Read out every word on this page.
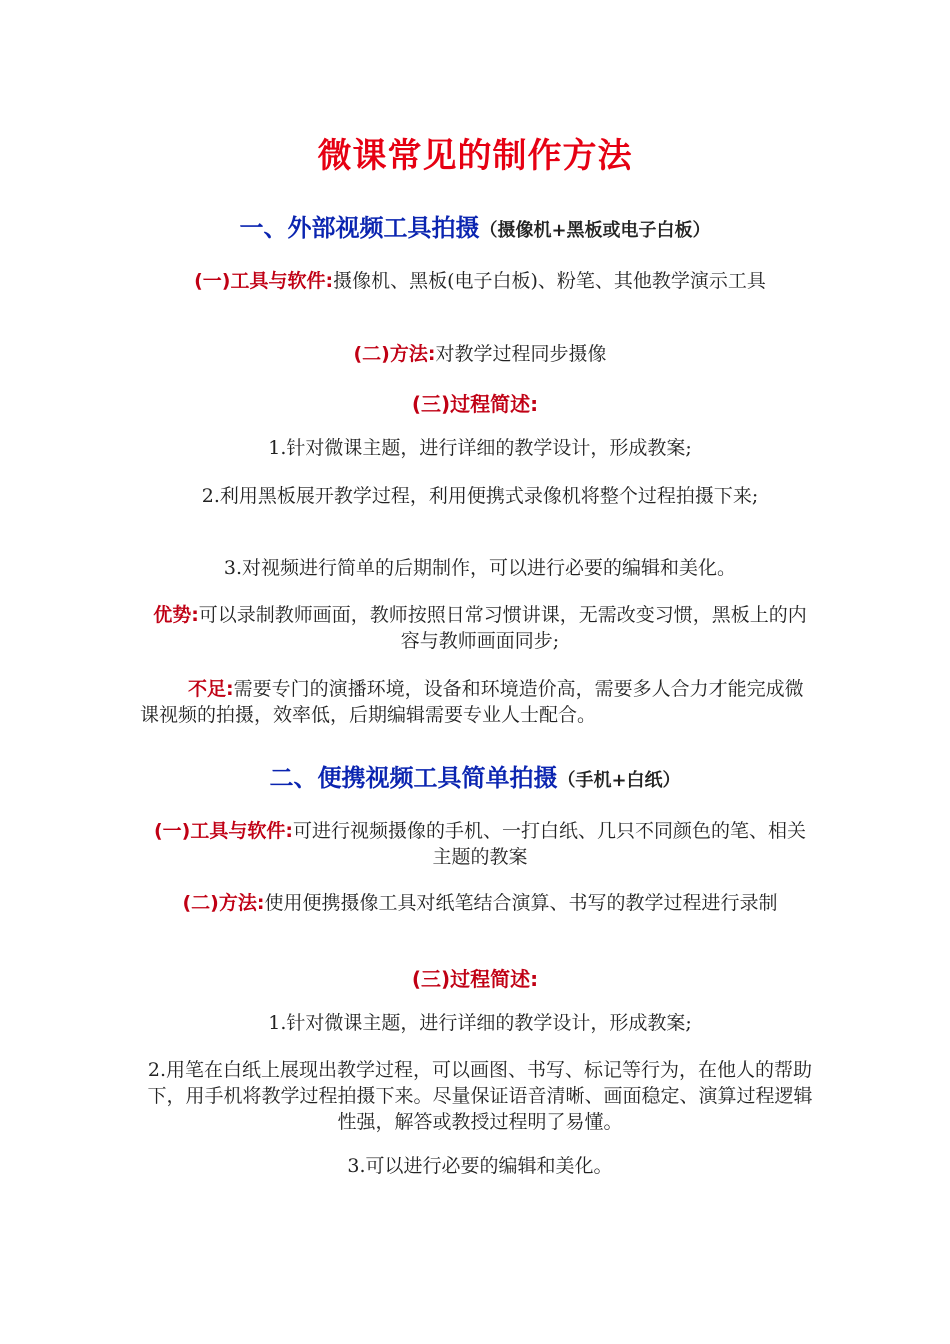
微课常见的制作方法
一、外部视频工具拍摄（摄像机+黑板或电子白板）
(一)工具与软件:摄像机、黑板(电子白板)、粉笔、其他教学演示工具
(二)方法:对教学过程同步摄像
(三)过程简述:
1.针对微课主题，进行详细的教学设计，形成教案;
2.利用黑板展开教学过程，利用便携式录像机将整个过程拍摄下来;
3.对视频进行简单的后期制作，可以进行必要的编辑和美化。
优势:可以录制教师画面，教师按照日常习惯讲课，无需改变习惯，黑板上的内容与教师画面同步;
不足:需要专门的演播环境，设备和环境造价高，需要多人合力才能完成微课视频的拍摄，效率低，后期编辑需要专业人士配合。
二、便携视频工具简单拍摄（手机+白纸）
(一)工具与软件:可进行视频摄像的手机、一打白纸、几只不同颜色的笔、相关主题的教案
(二)方法:使用便携摄像工具对纸笔结合演算、书写的教学过程进行录制
(三)过程简述:
1.针对微课主题，进行详细的教学设计，形成教案;
2.用笔在白纸上展现出教学过程，可以画图、书写、标记等行为，在他人的帮助下，用手机将教学过程拍摄下来。尽量保证语音清晰、画面稳定、演算过程逻辑性强，解答或教授过程明了易懂。
3.可以进行必要的编辑和美化。
